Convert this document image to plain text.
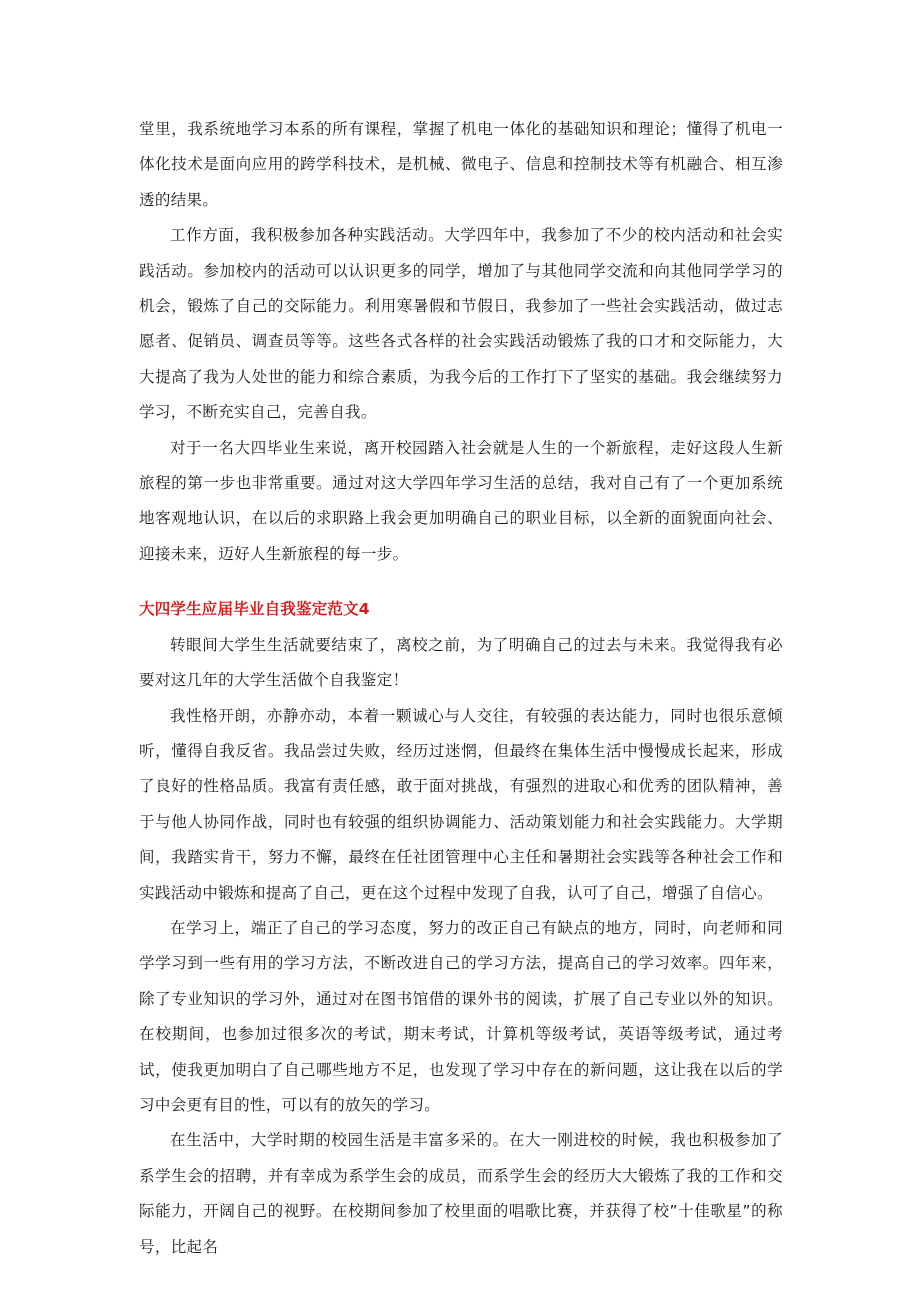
堂里，我系统地学习本系的所有课程，掌握了机电一体化的基础知识和理论；懂得了机电一体化技术是面向应用的跨学科技术，是机械、微电子、信息和控制技术等有机融合、相互渗透的结果。

工作方面，我积极参加各种实践活动。大学四年中，我参加了不少的校内活动和社会实践活动。参加校内的活动可以认识更多的同学，增加了与其他同学交流和向其他同学学习的机会，锻炼了自己的交际能力。利用寒暑假和节假日，我参加了一些社会实践活动，做过志愿者、促销员、调查员等等。这些各式各样的社会实践活动锻炼了我的口才和交际能力，大大提高了我为人处世的能力和综合素质，为我今后的工作打下了坚实的基础。我会继续努力学习，不断充实自己，完善自我。

对于一名大四毕业生来说，离开校园踏入社会就是人生的一个新旅程，走好这段人生新旅程的第一步也非常重要。通过对这大学四年学习生活的总结，我对自己有了一个更加系统地客观地认识，在以后的求职路上我会更加明确自己的职业目标，以全新的面貌面向社会、迎接未来，迈好人生新旅程的每一步。

大四学生应届毕业自我鉴定范文4

转眼间大学生生活就要结束了，离校之前，为了明确自己的过去与未来。我觉得我有必要对这几年的大学生活做个自我鉴定！

我性格开朗，亦静亦动，本着一颗诚心与人交往，有较强的表达能力，同时也很乐意倾听，懂得自我反省。我品尝过失败，经历过迷惘，但最终在集体生活中慢慢成长起来，形成了良好的性格品质。我富有责任感，敢于面对挑战，有强烈的进取心和优秀的团队精神，善于与他人协同作战，同时也有较强的组织协调能力、活动策划能力和社会实践能力。大学期间，我踏实肯干，努力不懈，最终在任社团管理中心主任和暑期社会实践等各种社会工作和实践活动中锻炼和提高了自己，更在这个过程中发现了自我，认可了自己，增强了自信心。

在学习上，端正了自己的学习态度，努力的改正自己有缺点的地方，同时，向老师和同学学习到一些有用的学习方法，不断改进自己的学习方法，提高自己的学习效率。四年来，除了专业知识的学习外，通过对在图书馆借的课外书的阅读，扩展了自己专业以外的知识。在校期间，也参加过很多次的考试，期末考试，计算机等级考试，英语等级考试，通过考试，使我更加明白了自己哪些地方不足，也发现了学习中存在的新问题，这让我在以后的学习中会更有目的性，可以有的放矢的学习。

在生活中，大学时期的校园生活是丰富多采的。在大一刚进校的时候，我也积极参加了系学生会的招聘，并有幸成为系学生会的成员，而系学生会的经历大大锻炼了我的工作和交际能力，开阔自己的视野。在校期间参加了校里面的唱歌比赛，并获得了校”十佳歌星”的称号，比起名
